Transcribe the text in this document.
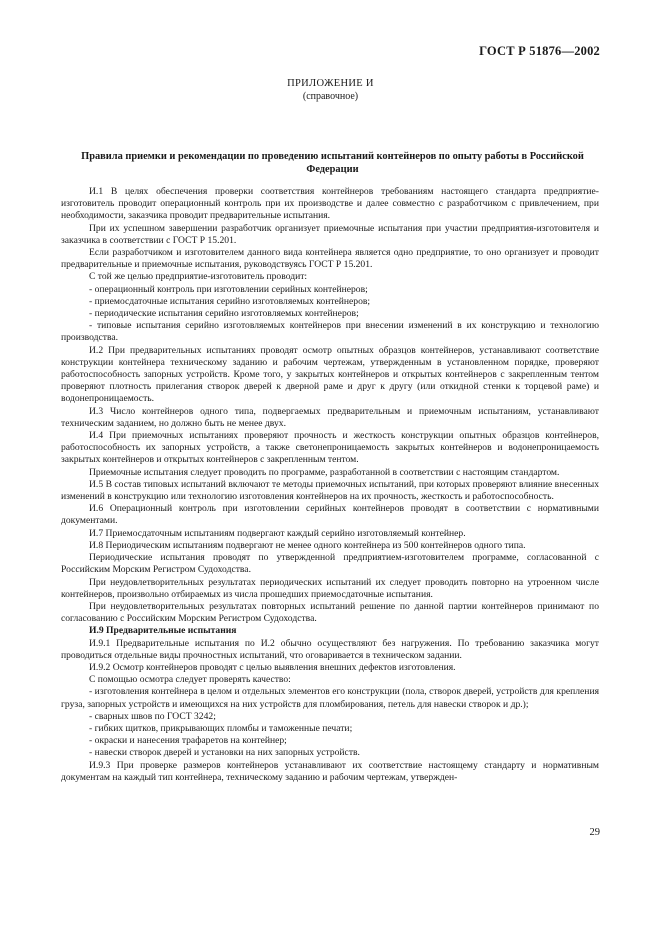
ГОСТ Р 51876—2002
ПРИЛОЖЕНИЕ И
(справочное)
Правила приемки и рекомендации по проведению испытаний контейнеров по опыту работы в Российской Федерации

И.1 В целях обеспечения проверки соответствия контейнеров требованиям настоящего стандарта предприятие-изготовитель проводит операционный контроль при их производстве и далее совместно с разработчиком с привлечением, при необходимости, заказчика проводит предварительные испытания.

При их успешном завершении разработчик организует приемочные испытания при участии предприятия-изготовителя и заказчика в соответствии с ГОСТ Р 15.201.

Если разработчиком и изготовителем данного вида контейнера является одно предприятие, то оно организует и проводит предварительные и приемочные испытания, руководствуясь ГОСТ Р 15.201.

С той же целью предприятие-изготовитель проводит:

- операционный контроль при изготовлении серийных контейнеров;

- приемосдаточные испытания серийно изготовляемых контейнеров;

- периодические испытания серийно изготовляемых контейнеров;

- типовые испытания серийно изготовляемых контейнеров при внесении изменений в их конструкцию и технологию производства.

И.2 При предварительных испытаниях проводят осмотр опытных образцов контейнеров, устанавливают соответствие конструкции контейнера техническому заданию и рабочим чертежам, утвержденным в установленном порядке, проверяют работоспособность запорных устройств. Кроме того, у закрытых контейнеров и открытых контейнеров с закрепленным тентом проверяют плотность прилегания створок дверей к дверной раме и друг к другу (или откидной стенки к торцевой раме) и водонепроницаемость.

И.3 Число контейнеров одного типа, подвергаемых предварительным и приемочным испытаниям, устанавливают техническим заданием, но должно быть не менее двух.

И.4 При приемочных испытаниях проверяют прочность и жесткость конструкции опытных образцов контейнеров, работоспособность их запорных устройств, а также светонепроницаемость закрытых контейнеров и водонепроницаемость закрытых контейнеров и открытых контейнеров с закрепленным тентом.

Приемочные испытания следует проводить по программе, разработанной в соответствии с настоящим стандартом.

И.5 В состав типовых испытаний включают те методы приемочных испытаний, при которых проверяют влияние внесенных изменений в конструкцию или технологию изготовления контейнеров на их прочность, жесткость и работоспособность.

И.6 Операционный контроль при изготовлении серийных контейнеров проводят в соответствии с нормативными документами.

И.7 Приемосдаточным испытаниям подвергают каждый серийно изготовляемый контейнер.

И.8 Периодическим испытаниям подвергают не менее одного контейнера из 500 контейнеров одного типа.

Периодические испытания проводят по утвержденной предприятием-изготовителем программе, согласованной с Российским Морским Регистром Судоходства.

При неудовлетворительных результатах периодических испытаний их следует проводить повторно на утроенном числе контейнеров, произвольно отбираемых из числа прошедших приемосдаточные испытания.

При неудовлетворительных результатах повторных испытаний решение по данной партии контейнеров принимают по согласованию с Российским Морским Регистром Судоходства.

И.9 Предварительные испытания

И.9.1 Предварительные испытания по И.2 обычно осуществляют без нагружения. По требованию заказчика могут проводиться отдельные виды прочностных испытаний, что оговаривается в техническом задании.

И.9.2 Осмотр контейнеров проводят с целью выявления внешних дефектов изготовления.

С помощью осмотра следует проверять качество:

- изготовления контейнера в целом и отдельных элементов его конструкции (пола, створок дверей, устройств для крепления груза, запорных устройств и имеющихся на них устройств для пломбирования, петель для навески створок и др.);

- сварных швов по ГОСТ 3242;

- гибких щитков, прикрывающих пломбы и таможенные печати;

- окраски и нанесения трафаретов на контейнер;

- навески створок дверей и установки на них запорных устройств.

И.9.3 При проверке размеров контейнеров устанавливают их соответствие настоящему стандарту и нормативным документам на каждый тип контейнера, техническому заданию и рабочим чертежам, утвержден-

29
